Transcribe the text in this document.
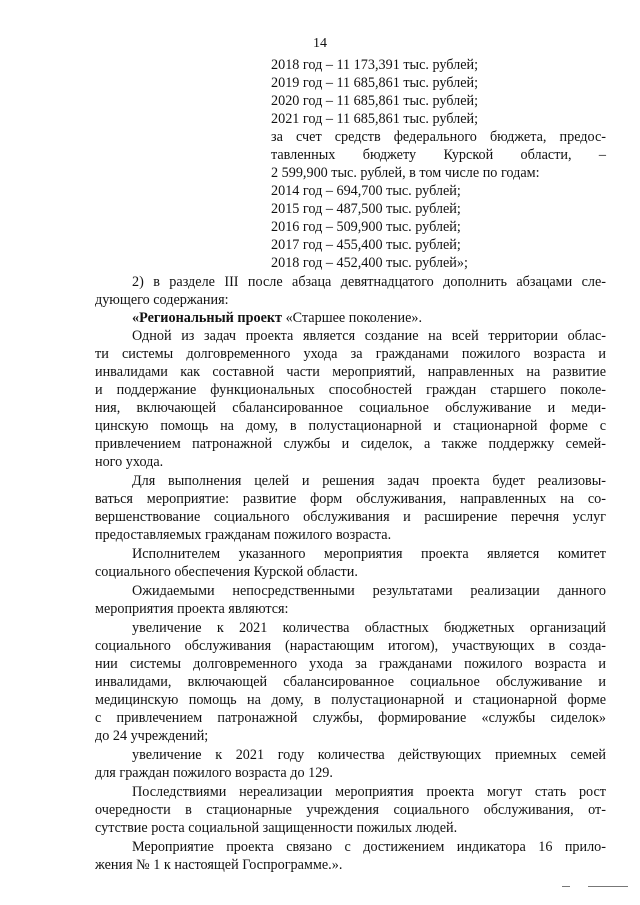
14
2018 год – 11 173,391 тыс. рублей;
2019 год – 11 685,861 тыс. рублей;
2020 год – 11 685,861 тыс. рублей;
2021 год – 11 685,861 тыс. рублей;
за счет средств федерального бюджета, предос-
тавленных бюджету Курской области, –
2 599,900 тыс. рублей, в том числе по годам:
2014 год – 694,700 тыс. рублей;
2015 год – 487,500 тыс. рублей;
2016 год – 509,900 тыс. рублей;
2017 год – 455,400 тыс. рублей;
2018 год – 452,400 тыс. рублей»;
2) в разделе III после абзаца девятнадцатого дополнить абзацами сле-
дующего содержания:
«Региональный проект «Старшее поколение».
Одной из задач проекта является создание на всей территории облас-
ти системы долговременного ухода за гражданами пожилого возраста и
инвалидами как составной части мероприятий, направленных на развитие
и поддержание функциональных способностей граждан старшего поколе-
ния, включающей сбалансированное социальное обслуживание и меди-
цинскую помощь на дому, в полустационарной и стационарной форме с
привлечением патронажной службы и сиделок, а также поддержку семей-
ного ухода.
Для выполнения целей и решения задач проекта будет реализовы-
ваться мероприятие: развитие форм обслуживания, направленных на со-
вершенствование социального обслуживания и расширение перечня услуг
предоставляемых гражданам пожилого возраста.
Исполнителем указанного мероприятия проекта является комитет
социального обеспечения Курской области.
Ожидаемыми непосредственными результатами реализации данного
мероприятия проекта являются:
увеличение к 2021 количества областных бюджетных организаций
социального обслуживания (нарастающим итогом), участвующих в созда-
нии системы долговременного ухода за гражданами пожилого возраста и
инвалидами, включающей сбалансированное социальное обслуживание и
медицинскую помощь на дому, в полустационарной и стационарной форме
с привлечением патронажной службы, формирование «службы сиделок»
до 24 учреждений;
увеличение к 2021 году количества действующих приемных семей
для граждан пожилого возраста до 129.
Последствиями нереализации мероприятия проекта могут стать рост
очередности в стационарные учреждения социального обслуживания, от-
сутствие роста социальной защищенности пожилых людей.
Мероприятие проекта связано с достижением индикатора 16 прило-
жения № 1 к настоящей Госпрограмме.».
